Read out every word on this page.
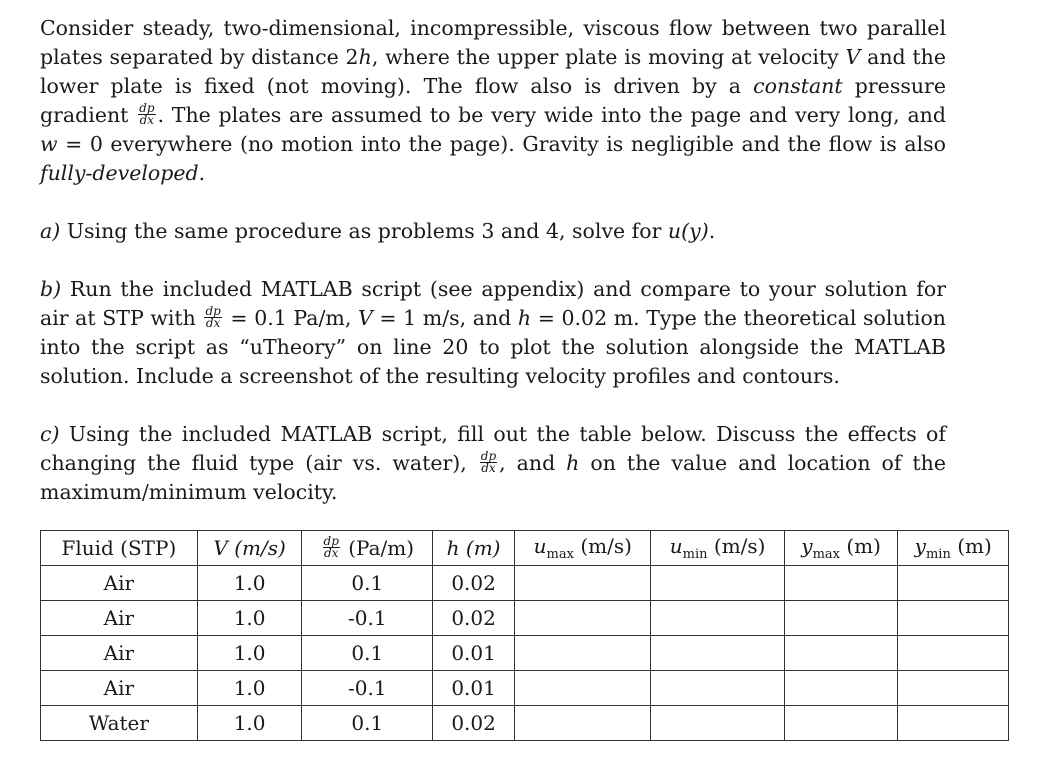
Consider steady, two-dimensional, incompressible, viscous flow between two parallel plates separated by distance 2h, where the upper plate is moving at velocity V and the lower plate is fixed (not moving). The flow also is driven by a constant pressure gradient $\frac{dp}{dx}$ . The plates are assumed to be very wide into the page and very long, and w = 0 everywhere (no motion into the page). Gravity is negligible and the flow is also fully-developed.

a) Using the same procedure as problems 3 and 4, solve for u(y).

b) Run the included MATLAB script (see appendix) and compare to your solution for air at STP with $\frac{dp}{dx} = 0.1$ Pa/m, V = 1 m/s, and h = 0.02 m. Type the theoretical solution into the script as “uTheory” on line 20 to plot the solution alongside the MATLAB solution. Include a screenshot of the resulting velocity profiles and contours.

c) Using the included MATLAB script, fill out the table below. Discuss the effects of changing the fluid type (air vs. water), $\frac{dp}{dx}$ , and h on the value and location of the maximum/minimum velocity.

Fluid (STP)	V (m/s)	$\frac{dp}{dx} (Pa/m)$	h (m)	$u_{max}$ (m/s)	$u_{min}$ (m/s)	$y_{max}$ (m)	$y_{min}$ (m)
Air	1.0	0.1	0.02				
Air	1.0	-0.1	0.02				
Air	1.0	0.1	0.01				
Air	1.0	-0.1	0.01				
Water	1.0	0.1	0.02				
